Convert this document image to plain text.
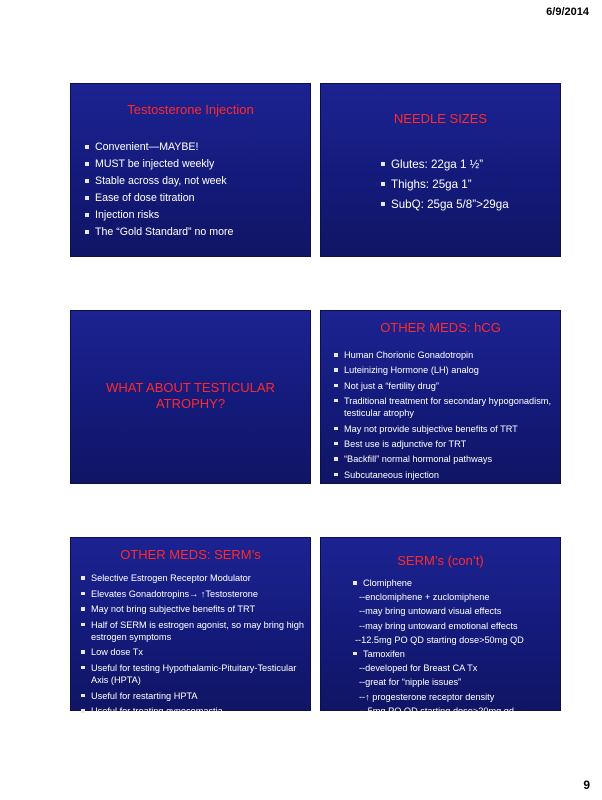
6/9/2014
Testosterone Injection
Convenient—MAYBE!
MUST be injected weekly
Stable across day, not week
Ease of dose titration
Injection risks
The “Gold Standard” no more
NEEDLE SIZES
Glutes: 22ga 1 ½”
Thighs: 25ga 1”
SubQ: 25ga 5/8”>29ga
WHAT ABOUT TESTICULAR ATROPHY?
OTHER MEDS: hCG
Human Chorionic Gonadotropin
Luteinizing Hormone (LH) analog
Not just a “fertility drug”
Traditional treatment for secondary hypogonadism, testicular atrophy
May not provide subjective benefits of TRT
Best use is adjunctive for TRT
“Backfill” normal hormonal pathways
Subcutaneous injection
OTHER MEDS: SERM’s
Selective Estrogen Receptor Modulator
Elevates Gonadotropins→ ↑Testosterone
May not bring subjective benefits of TRT
Half of SERM is estrogen agonist, so may bring high estrogen symptoms
Low dose Tx
Useful for testing Hypothalamic-Pituitary-Testicular Axis (HPTA)
Useful for restarting HPTA
Useful for treating gynocomastia
SERM’s (con’t)
Clomiphene
--enclomiphene + zuclomiphene
--may bring untoward visual effects
--may bring untoward emotional effects
--12.5mg PO QD starting dose>50mg QD
Tamoxifen
--developed for Breast CA Tx
--great for “nipple issues”
--↑ progesterone receptor density
-- 5mg PO QD starting dose>20mg qd
9
